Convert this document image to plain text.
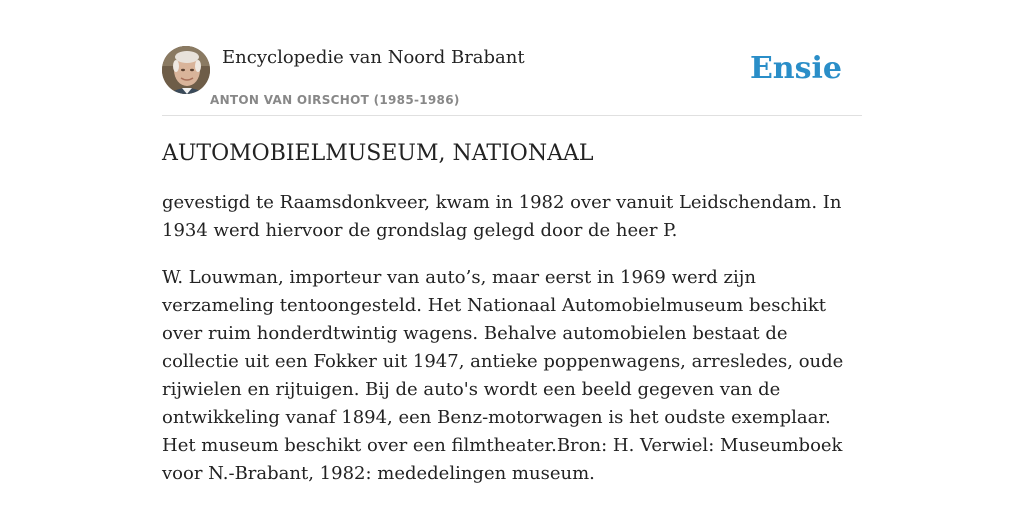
Encyclopedie van Noord Brabant
ANTON VAN OIRSCHOT (1985-1986)
Ensie
AUTOMOBIELMUSEUM, NATIONAAL

gevestigd te Raamsdonkveer, kwam in 1982 over vanuit Leidschendam. In 1934 werd hiervoor de grondslag gelegd door de heer P.

W. Louwman, importeur van auto’s, maar eerst in 1969 werd zijn verzameling tentoongesteld. Het Nationaal Automobielmuseum beschikt over ruim honderdtwintig wagens. Behalve automobielen bestaat de collectie uit een Fokker uit 1947, antieke poppenwagens, arresledes, oude rijwielen en rijtuigen. Bij de auto's wordt een beeld gegeven van de ontwikkeling vanaf 1894, een Benz-motorwagen is het oudste exemplaar. Het museum beschikt over een filmtheater.Bron: H. Verwiel: Museumboek voor N.-Brabant, 1982: mededelingen museum.
